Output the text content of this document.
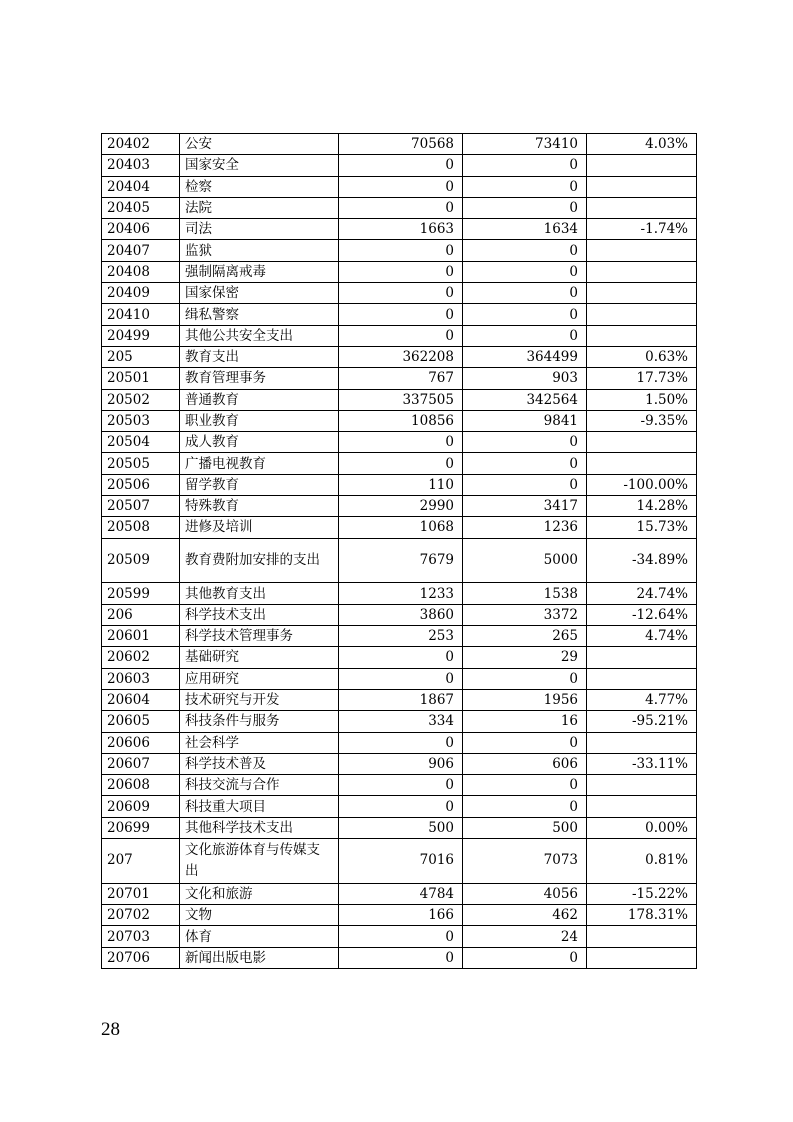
20402	公安	70568	73410	4.03%
20403	国家安全	0	0	
20404	检察	0	0	
20405	法院	0	0	
20406	司法	1663	1634	-1.74%
20407	监狱	0	0	
20408	强制隔离戒毒	0	0	
20409	国家保密	0	0	
20410	缉私警察	0	0	
20499	其他公共安全支出	0	0	
205	教育支出	362208	364499	0.63%
20501	教育管理事务	767	903	17.73%
20502	普通教育	337505	342564	1.50%
20503	职业教育	10856	9841	-9.35%
20504	成人教育	0	0	
20505	广播电视教育	0	0	
20506	留学教育	110	0	-100.00%
20507	特殊教育	2990	3417	14.28%
20508	进修及培训	1068	1236	15.73%
20509	教育费附加安排的支出	7679	5000	-34.89%
20599	其他教育支出	1233	1538	24.74%
206	科学技术支出	3860	3372	-12.64%
20601	科学技术管理事务	253	265	4.74%
20602	基础研究	0	29	
20603	应用研究	0	0	
20604	技术研究与开发	1867	1956	4.77%
20605	科技条件与服务	334	16	-95.21%
20606	社会科学	0	0	
20607	科学技术普及	906	606	-33.11%
20608	科技交流与合作	0	0	
20609	科技重大项目	0	0	
20699	其他科学技术支出	500	500	0.00%
207	文化旅游体育与传媒支出	7016	7073	0.81%
20701	文化和旅游	4784	4056	-15.22%
20702	文物	166	462	178.31%
20703	体育	0	24	
20706	新闻出版电影	0	0	
28
